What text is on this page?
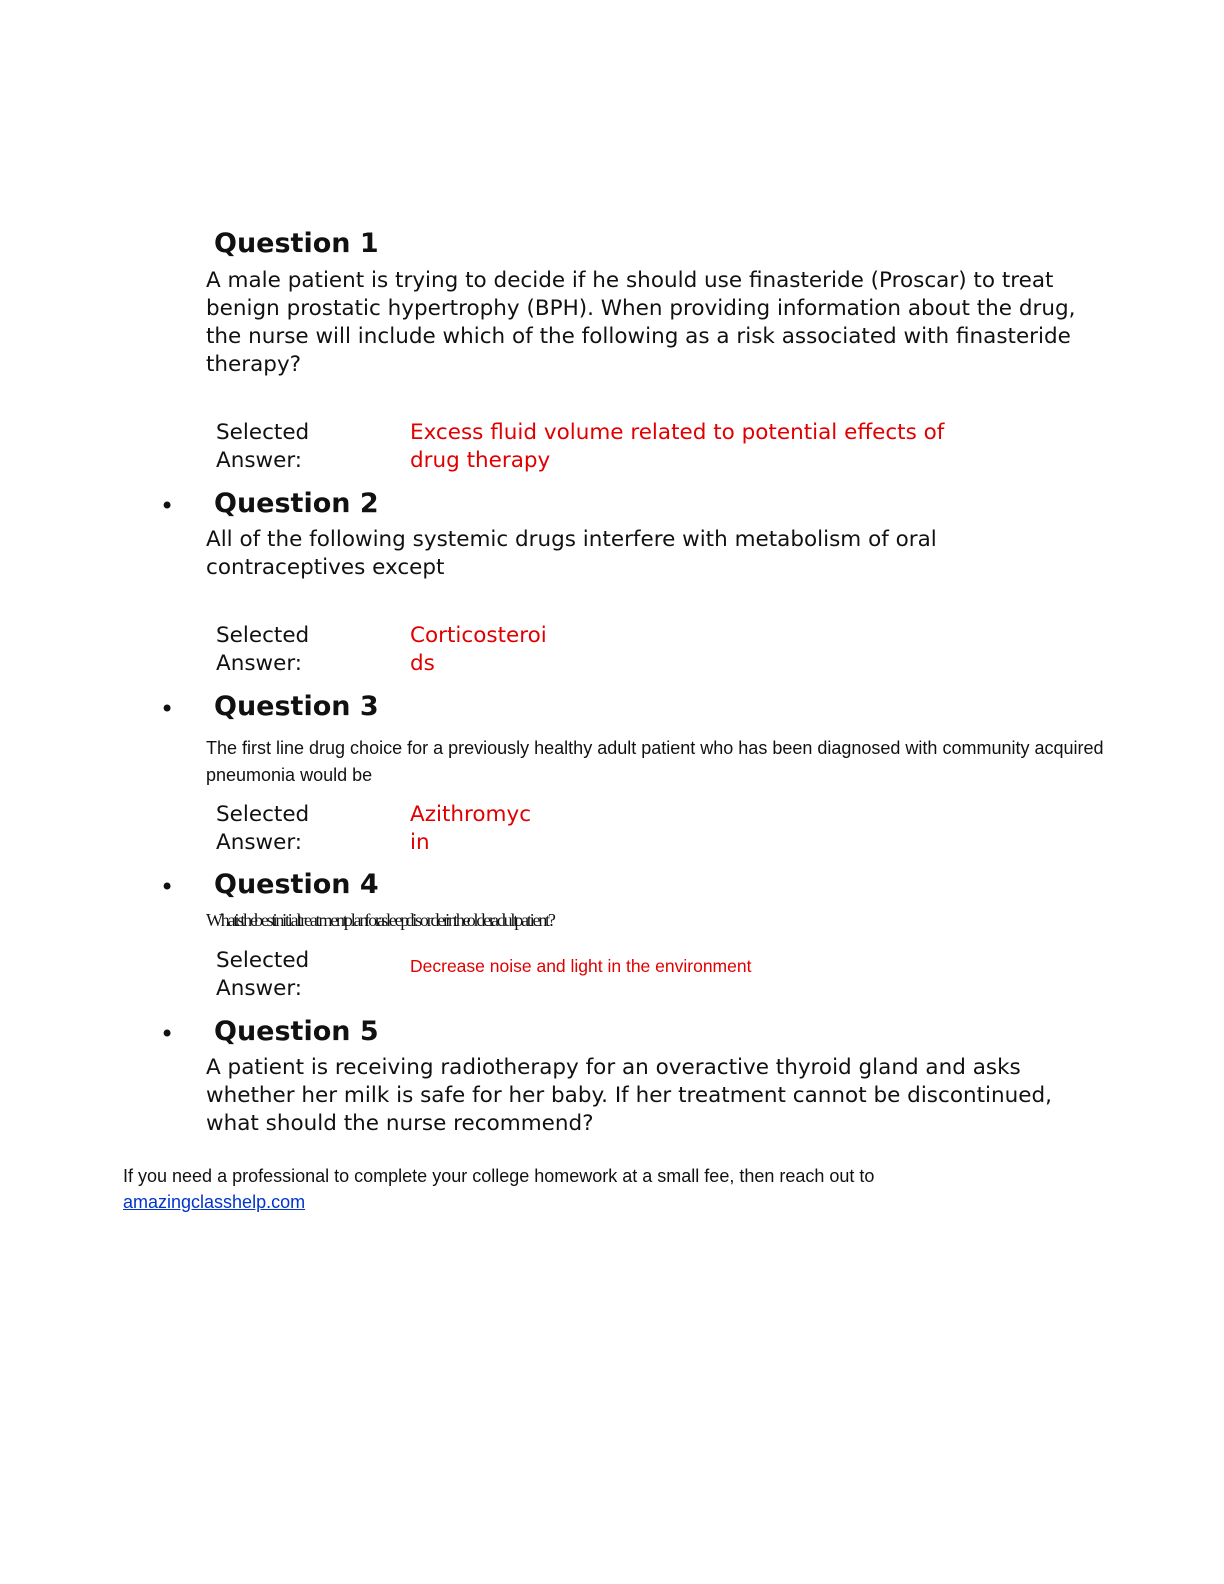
Question 1
A male patient is trying to decide if he should use finasteride (Proscar) to treat benign prostatic hypertrophy (BPH). When providing information about the drug, the nurse will include which of the following as a risk associated with finasteride therapy?
Selected
Answer:
Excess fluid volume related to potential effects of
drug therapy
• Question 2
All of the following systemic drugs interfere with metabolism of oral contraceptives except
Selected
Answer:
Corticosteroi
ds
• Question 3
The first line drug choice for a previously healthy adult patient who has been diagnosed with community acquired pneumonia would be
Selected
Answer:
Azithromyc
in
• Question 4
What is the best initial treatment plan for a sleep disorder in the older adult patient?
Selected
Answer:
Decrease noise and light in the environment
• Question 5
A patient is receiving radiotherapy for an overactive thyroid gland and asks whether her milk is safe for her baby. If her treatment cannot be discontinued, what should the nurse recommend?
If you need a professional to complete your college homework at a small fee, then reach out to
amazingclasshelp.com
